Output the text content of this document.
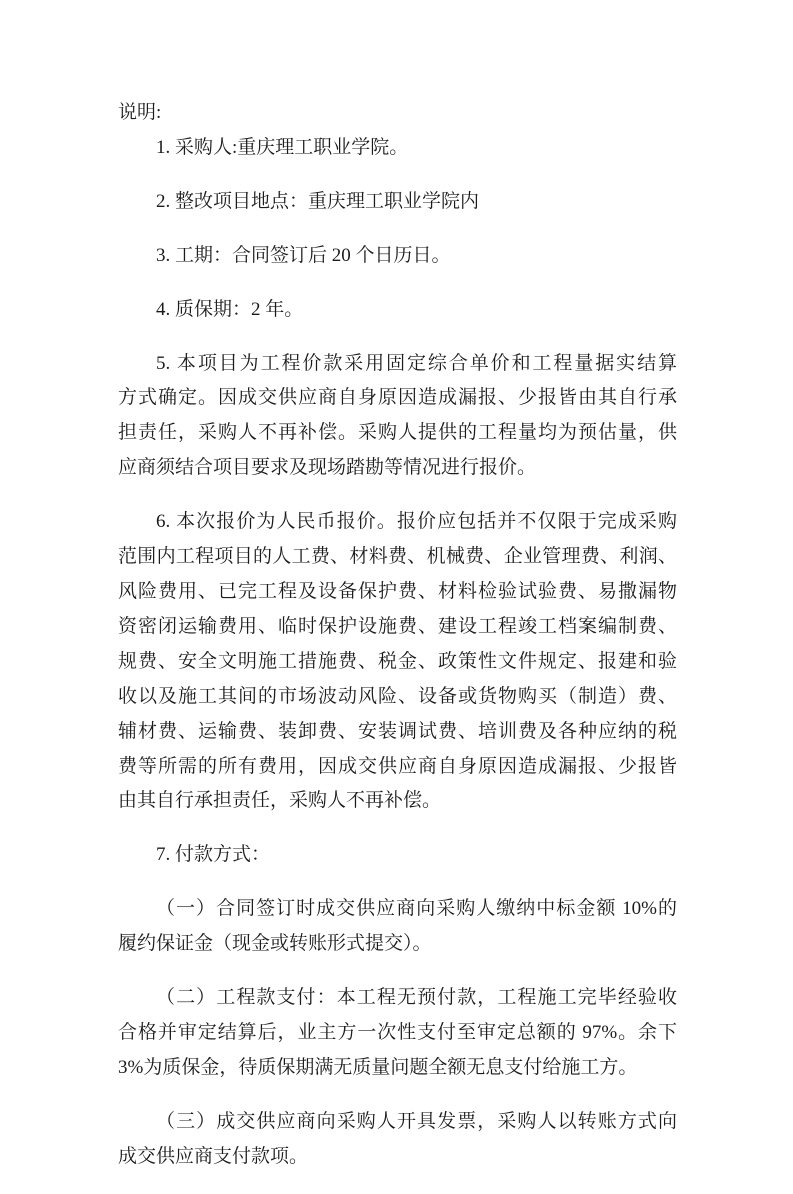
说明:

1. 采购人:重庆理工职业学院。

2. 整改项目地点：重庆理工职业学院内

3. 工期：合同签订后 20 个日历日。

4. 质保期：2 年。

5. 本项目为工程价款采用固定综合单价和工程量据实结算
方式确定。因成交供应商自身原因造成漏报、少报皆由其自行承
担责任，采购人不再补偿。采购人提供的工程量均为预估量，供
应商须结合项目要求及现场踏勘等情况进行报价。

6. 本次报价为人民币报价。报价应包括并不仅限于完成采购
范围内工程项目的人工费、材料费、机械费、企业管理费、利润、
风险费用、已完工程及设备保护费、材料检验试验费、易撒漏物
资密闭运输费用、临时保护设施费、建设工程竣工档案编制费、
规费、安全文明施工措施费、税金、政策性文件规定、报建和验
收以及施工其间的市场波动风险、设备或货物购买（制造）费、
辅材费、运输费、装卸费、安装调试费、培训费及各种应纳的税
费等所需的所有费用，因成交供应商自身原因造成漏报、少报皆
由其自行承担责任，采购人不再补偿。

7. 付款方式：

（一）合同签订时成交供应商向采购人缴纳中标金额 10%的
履约保证金（现金或转账形式提交）。

（二）工程款支付：本工程无预付款，工程施工完毕经验收
合格并审定结算后，业主方一次性支付至审定总额的 97%。余下
3%为质保金，待质保期满无质量问题全额无息支付给施工方。

（三）成交供应商向采购人开具发票，采购人以转账方式向
成交供应商支付款项。
